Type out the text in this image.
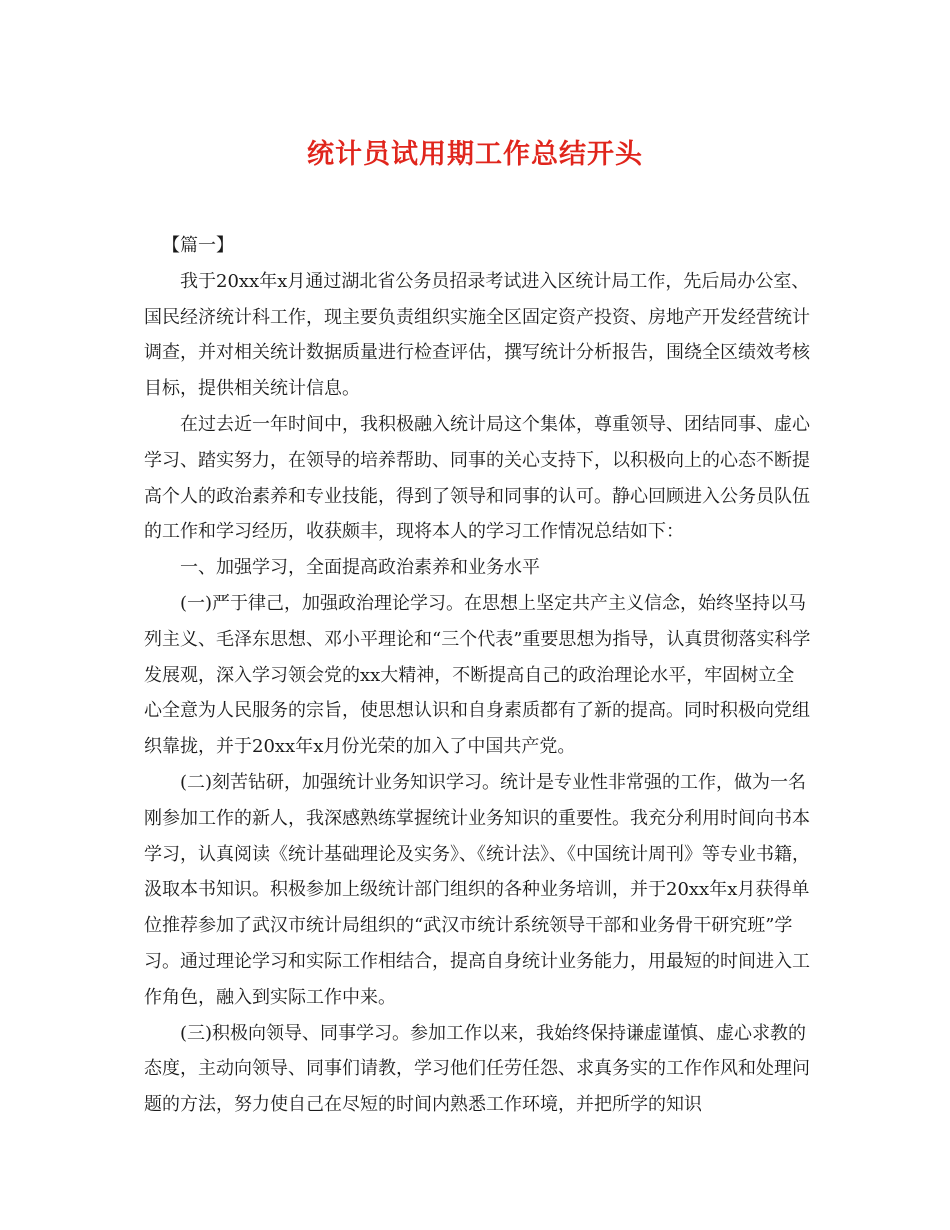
统计员试用期工作总结开头

【篇一】

我于20xx年x月通过湖北省公务员招录考试进入区统计局工作，先后局办公室、国民经济统计科工作，现主要负责组织实施全区固定资产投资、房地产开发经营统计调查，并对相关统计数据质量进行检查评估，撰写统计分析报告，围绕全区绩效考核目标，提供相关统计信息。

在过去近一年时间中，我积极融入统计局这个集体，尊重领导、团结同事、虚心学习、踏实努力，在领导的培养帮助、同事的关心支持下，以积极向上的心态不断提高个人的政治素养和专业技能，得到了领导和同事的认可。静心回顾进入公务员队伍的工作和学习经历，收获颇丰，现将本人的学习工作情况总结如下：

一、加强学习，全面提高政治素养和业务水平

(一)严于律己，加强政治理论学习。在思想上坚定共产主义信念，始终坚持以马列主义、毛泽东思想、邓小平理论和“三个代表”重要思想为指导，认真贯彻落实科学发展观，深入学习领会党的xx大精神，不断提高自己的政治理论水平，牢固树立全心全意为人民服务的宗旨，使思想认识和自身素质都有了新的提高。同时积极向党组织靠拢，并于20xx年x月份光荣的加入了中国共产党。

(二)刻苦钻研，加强统计业务知识学习。统计是专业性非常强的工作，做为一名刚参加工作的新人，我深感熟练掌握统计业务知识的重要性。我充分利用时间向书本学习，认真阅读《统计基础理论及实务》、《统计法》、《中国统计周刊》等专业书籍，汲取本书知识。积极参加上级统计部门组织的各种业务培训，并于20xx年x月获得单位推荐参加了武汉市统计局组织的“武汉市统计系统领导干部和业务骨干研究班”学习。通过理论学习和实际工作相结合，提高自身统计业务能力，用最短的时间进入工作角色，融入到实际工作中来。

(三)积极向领导、同事学习。参加工作以来，我始终保持谦虚谨慎、虚心求教的态度，主动向领导、同事们请教，学习他们任劳任怨、求真务实的工作作风和处理问题的方法，努力使自己在尽短的时间内熟悉工作环境，并把所学的知识
